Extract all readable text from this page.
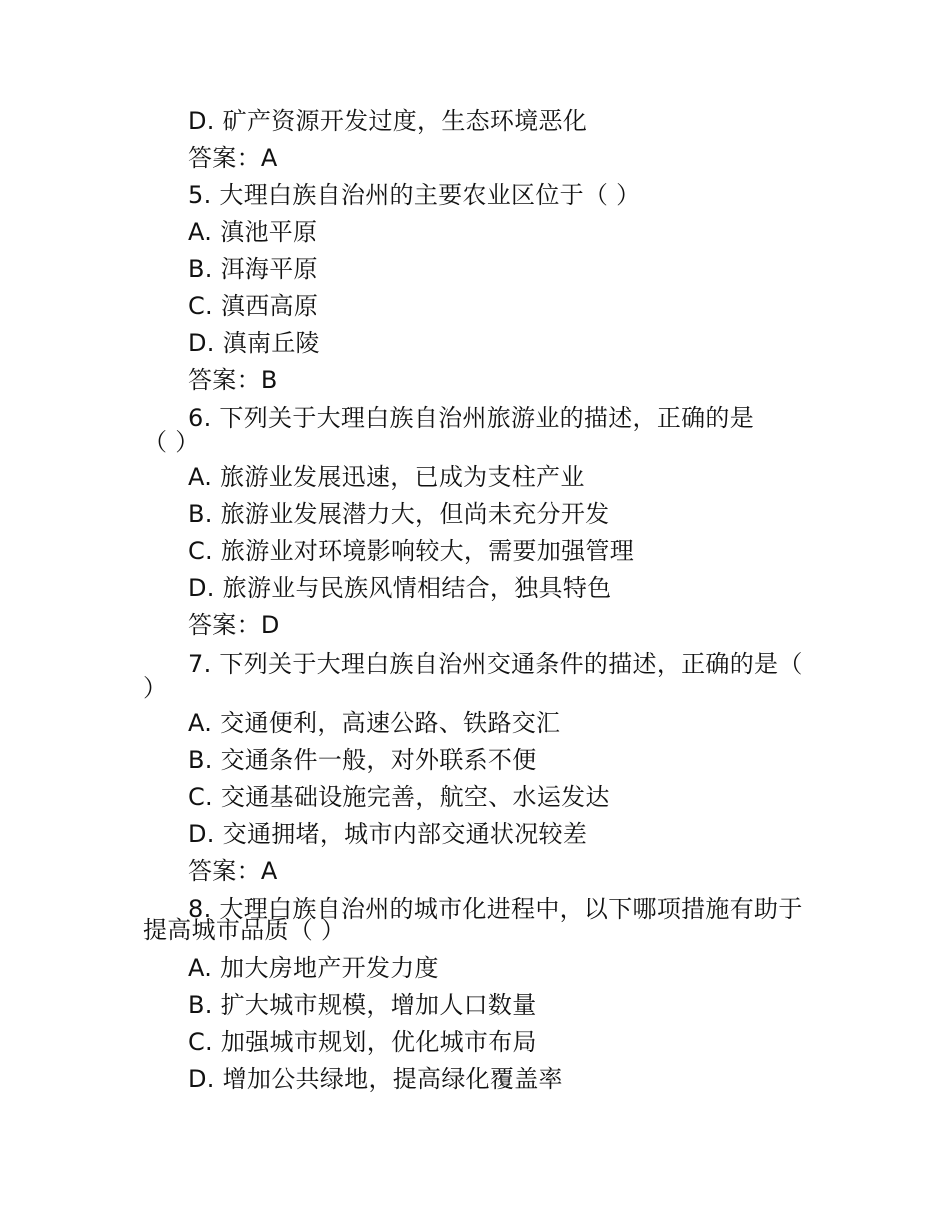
D. 矿产资源开发过度，生态环境恶化
答案：A
5. 大理白族自治州的主要农业区位于（ ）
A. 滇池平原
B. 洱海平原
C. 滇西高原
D. 滇南丘陵
答案：B
6. 下列关于大理白族自治州旅游业的描述，正确的是
（ ）
A. 旅游业发展迅速，已成为支柱产业
B. 旅游业发展潜力大，但尚未充分开发
C. 旅游业对环境影响较大，需要加强管理
D. 旅游业与民族风情相结合，独具特色
答案：D
7. 下列关于大理白族自治州交通条件的描述，正确的是（
）
A. 交通便利，高速公路、铁路交汇
B. 交通条件一般，对外联系不便
C. 交通基础设施完善，航空、水运发达
D. 交通拥堵，城市内部交通状况较差
答案：A
8. 大理白族自治州的城市化进程中，以下哪项措施有助于
提高城市品质（ ）
A. 加大房地产开发力度
B. 扩大城市规模，增加人口数量
C. 加强城市规划，优化城市布局
D. 增加公共绿地，提高绿化覆盖率
